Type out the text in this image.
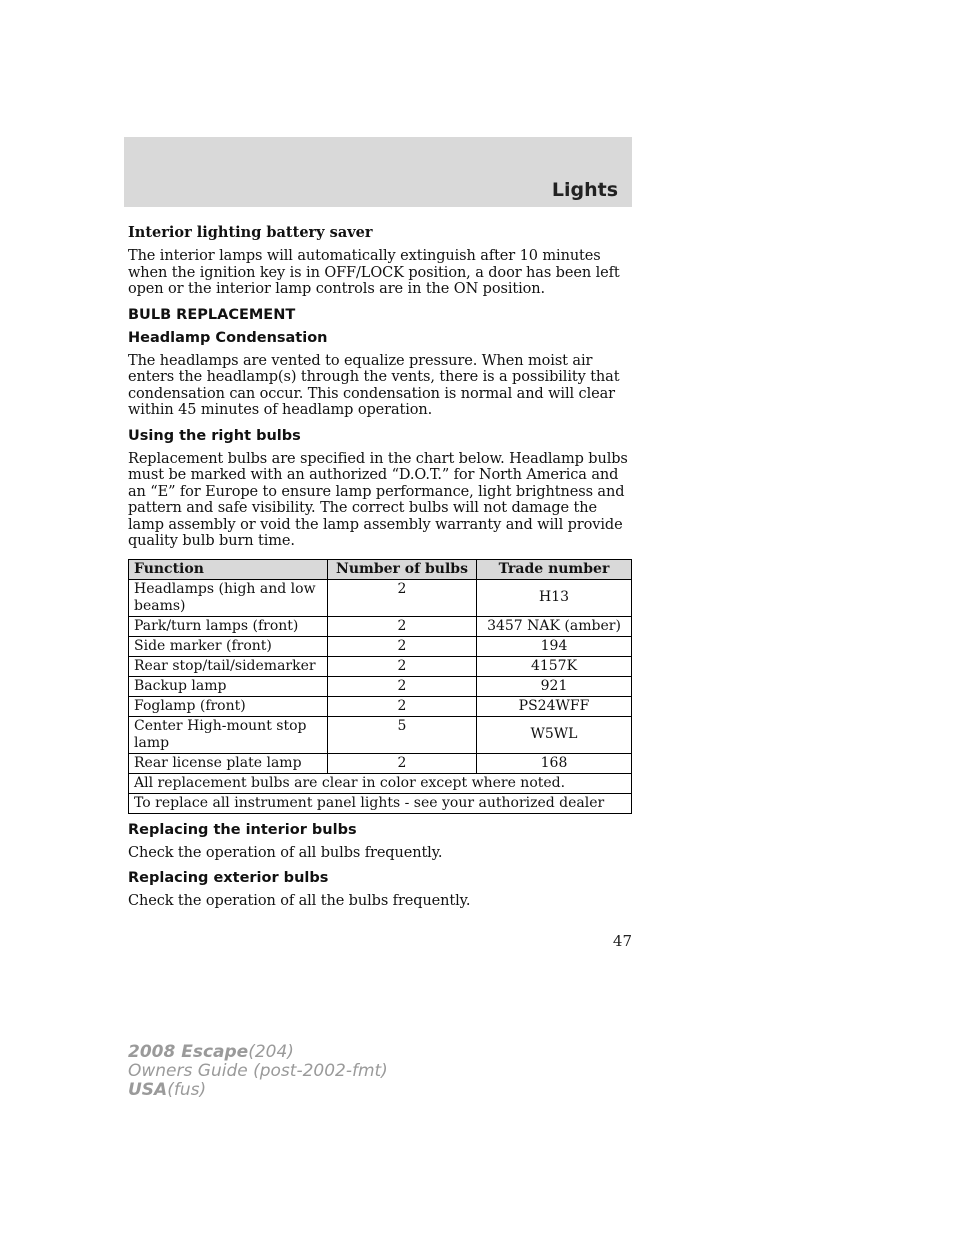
Lights
Interior lighting battery saver

The interior lamps will automatically extinguish after 10 minutes when the ignition key is in OFF/LOCK position, a door has been left open or the interior lamp controls are in the ON position.

BULB REPLACEMENT
Headlamp Condensation

The headlamps are vented to equalize pressure. When moist air enters the headlamp(s) through the vents, there is a possibility that condensation can occur. This condensation is normal and will clear within 45 minutes of headlamp operation.

Using the right bulbs

Replacement bulbs are specified in the chart below. Headlamp bulbs must be marked with an authorized “D.O.T.” for North America and an “E” for Europe to ensure lamp performance, light brightness and pattern and safe visibility. The correct bulbs will not damage the lamp assembly or void the lamp assembly warranty and will provide quality bulb burn time.

Function	Number of bulbs	Trade number
Headlamps (high and low beams)	2	H13
Park/turn lamps (front)	2	3457 NAK (amber)
Side marker (front)	2	194
Rear stop/tail/sidemarker	2	4157K
Backup lamp	2	921
Foglamp (front)	2	PS24WFF
Center High-mount stop lamp	5	W5WL
Rear license plate lamp	2	168
All replacement bulbs are clear in color except where noted.		
To replace all instrument panel lights - see your authorized dealer		
Replacing the interior bulbs

Check the operation of all bulbs frequently.

Replacing exterior bulbs

Check the operation of all the bulbs frequently.

47
2008 Escape(204)
Owners Guide (post-2002-fmt)
USA(fus)
